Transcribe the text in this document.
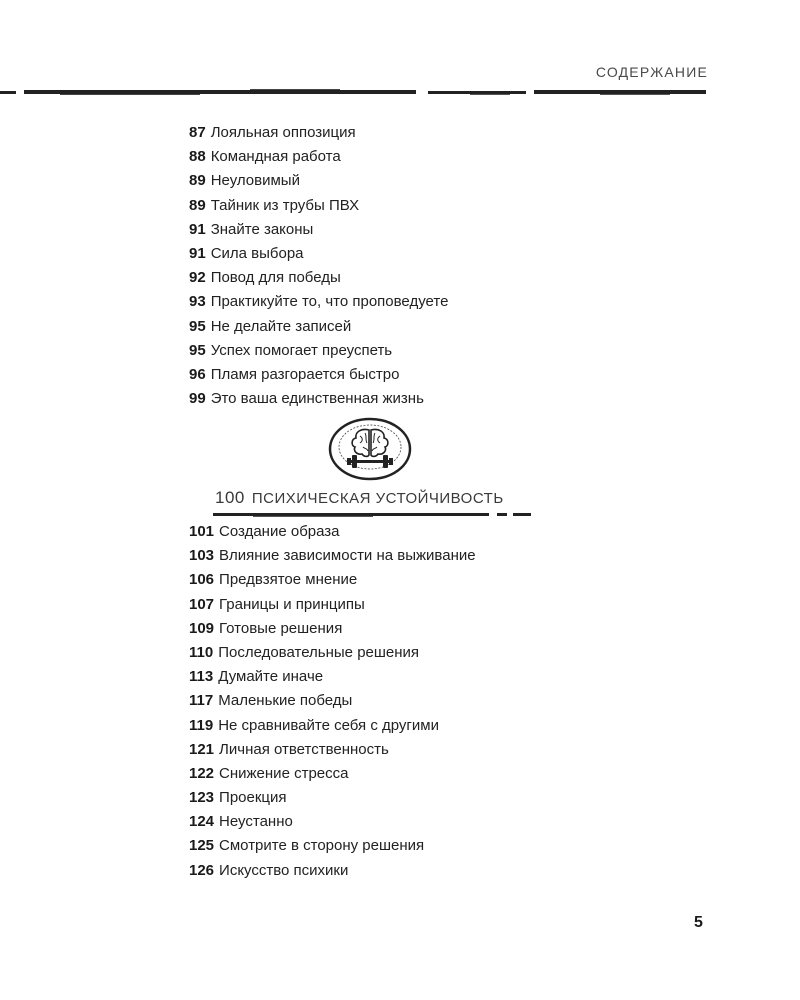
СОДЕРЖАНИЕ
87 Лояльная оппозиция
88 Командная работа
89 Неуловимый
89 Тайник из трубы ПВХ
91 Знайте законы
91 Сила выбора
92 Повод для победы
93 Практикуйте то, что проповедуете
95 Не делайте записей
95 Успех помогает преуспеть
96 Пламя разгорается быстро
99 Это ваша единственная жизнь
100 ПСИХИЧЕСКАЯ УСТОЙЧИВОСТЬ
101 Создание образа
103 Влияние зависимости на выживание
106 Предвзятое мнение
107 Границы и принципы
109 Готовые решения
110 Последовательные решения
113 Думайте иначе
117 Маленькие победы
119 Не сравнивайте себя с другими
121 Личная ответственность
122 Снижение стресса
123 Проекция
124 Неустанно
125 Смотрите в сторону решения
126 Искусство психики
5
